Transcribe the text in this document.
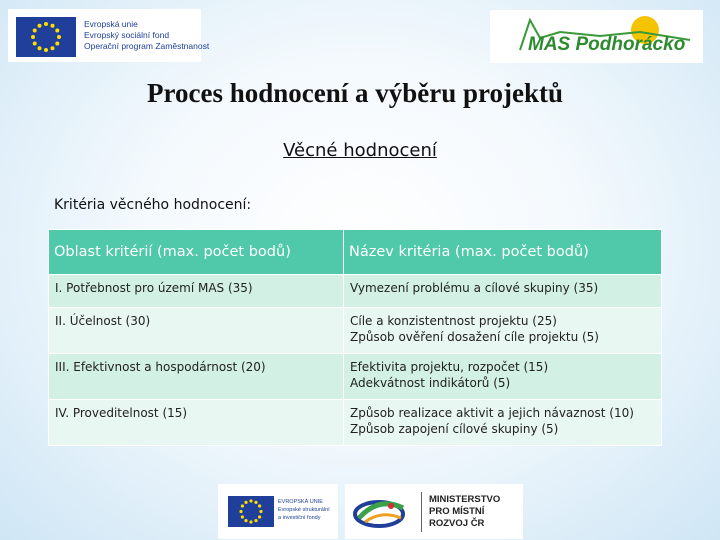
Evropská unie
Evropský sociální fond
Operační program Zaměstnanost	MAS Podhorácko
Proces hodnocení a výběru projektů
Věcné hodnocení
Kritéria věcného hodnocení:
Oblast kritérií (max. počet bodů)	Název kritéria (max. počet bodů)
I. Potřebnost pro území MAS (35)	Vymezení problému a cílové skupiny (35)

II. Účelnost (30)	Cíle a konzistentnost projektu (25)
Způsob ověření dosažení cíle projektu (5)

III. Efektivnost a hospodárnost (20)	Efektivita projektu, rozpočet (15)
Adekvátnost indikátorů (5)

IV. Proveditelnost (15)	Způsob realizace aktivit a jejich návaznost (10)
Způsob zapojení cílové skupiny (5)
EVROPSKÁ UNIE
Evropské strukturální
a investiční fondy
MINISTERSTVO
PRO MÍSTNÍ
ROZVOJ ČR
